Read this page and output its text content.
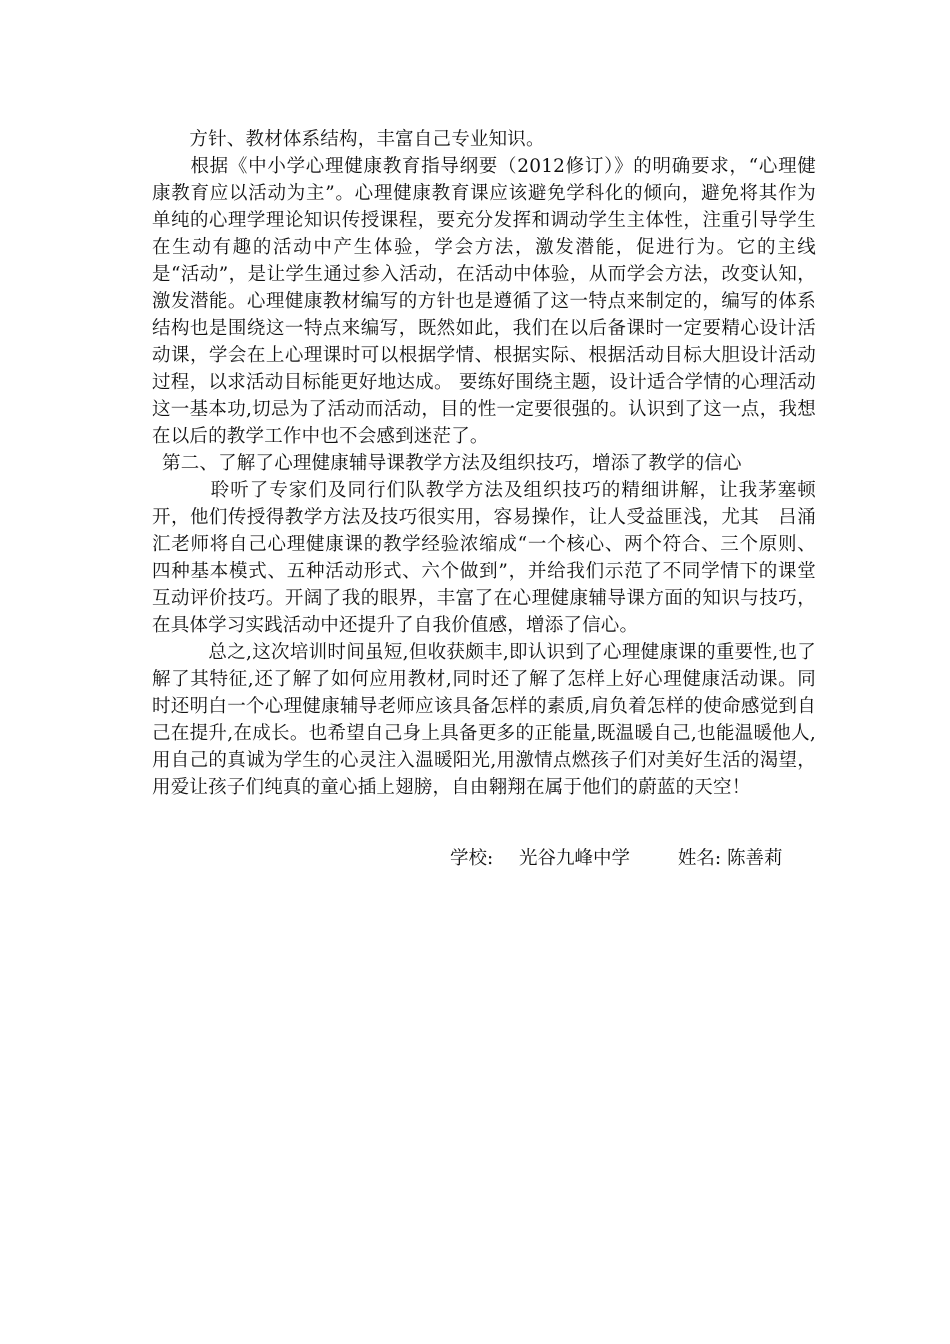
　　方针、教材体系结构，丰富自己专业知识。

　　根据《中小学心理健康教育指导纲要（2012修订）》的明确要求，“心理健康教育应以活动为主”。心理健康教育课应该避免学科化的倾向，避免将其作为单纯的心理学理论知识传授课程，要充分发挥和调动学生主体性，注重引导学生在生动有趣的活动中产生体验，学会方法，激发潜能，促进行为。它的主线是“活动”，是让学生通过参入活动，在活动中体验，从而学会方法，改变认知，激发潜能。心理健康教材编写的方针也是遵循了这一特点来制定的，编写的体系结构也是围绕这一特点来编写，既然如此，我们在以后备课时一定要精心设计活动课，学会在上心理课时可以根据学情、根据实际、根据活动目标大胆设计活动过程，以求活动目标能更好地达成。 要练好围绕主题，设计适合学情的心理活动这一基本功,切忌为了活动而活动，目的性一定要很强的。认识到了这一点，我想在以后的教学工作中也不会感到迷茫了。

第二、了解了心理健康辅导课教学方法及组织技巧，增添了教学的信心

　　　聆听了专家们及同行们队教学方法及组织技巧的精细讲解，让我茅塞顿开，他们传授得教学方法及技巧很实用，容易操作，让人受益匪浅，尤其　吕涌汇老师将自己心理健康课的教学经验浓缩成“一个核心、两个符合、三个原则、四种基本模式、五种活动形式、六个做到”，并给我们示范了不同学情下的课堂互动评价技巧。开阔了我的眼界，丰富了在心理健康辅导课方面的知识与技巧，在具体学习实践活动中还提升了自我价值感，增添了信心。

　　　总之,这次培训时间虽短,但收获颇丰,即认识到了心理健康课的重要性,也了解了其特征,还了解了如何应用教材,同时还了解了怎样上好心理健康活动课。同时还明白一个心理健康辅导老师应该具备怎样的素质,肩负着怎样的使命感觉到自己在提升,在成长。也希望自己身上具备更多的正能量,既温暖自己,也能温暖他人,用自己的真诚为学生的心灵注入温暖阳光,用激情点燃孩子们对美好生活的渴望，用爱让孩子们纯真的童心插上翅膀，自由翱翔在属于他们的蔚蓝的天空！

学校: 光谷九峰中学	姓名: 陈善莉
